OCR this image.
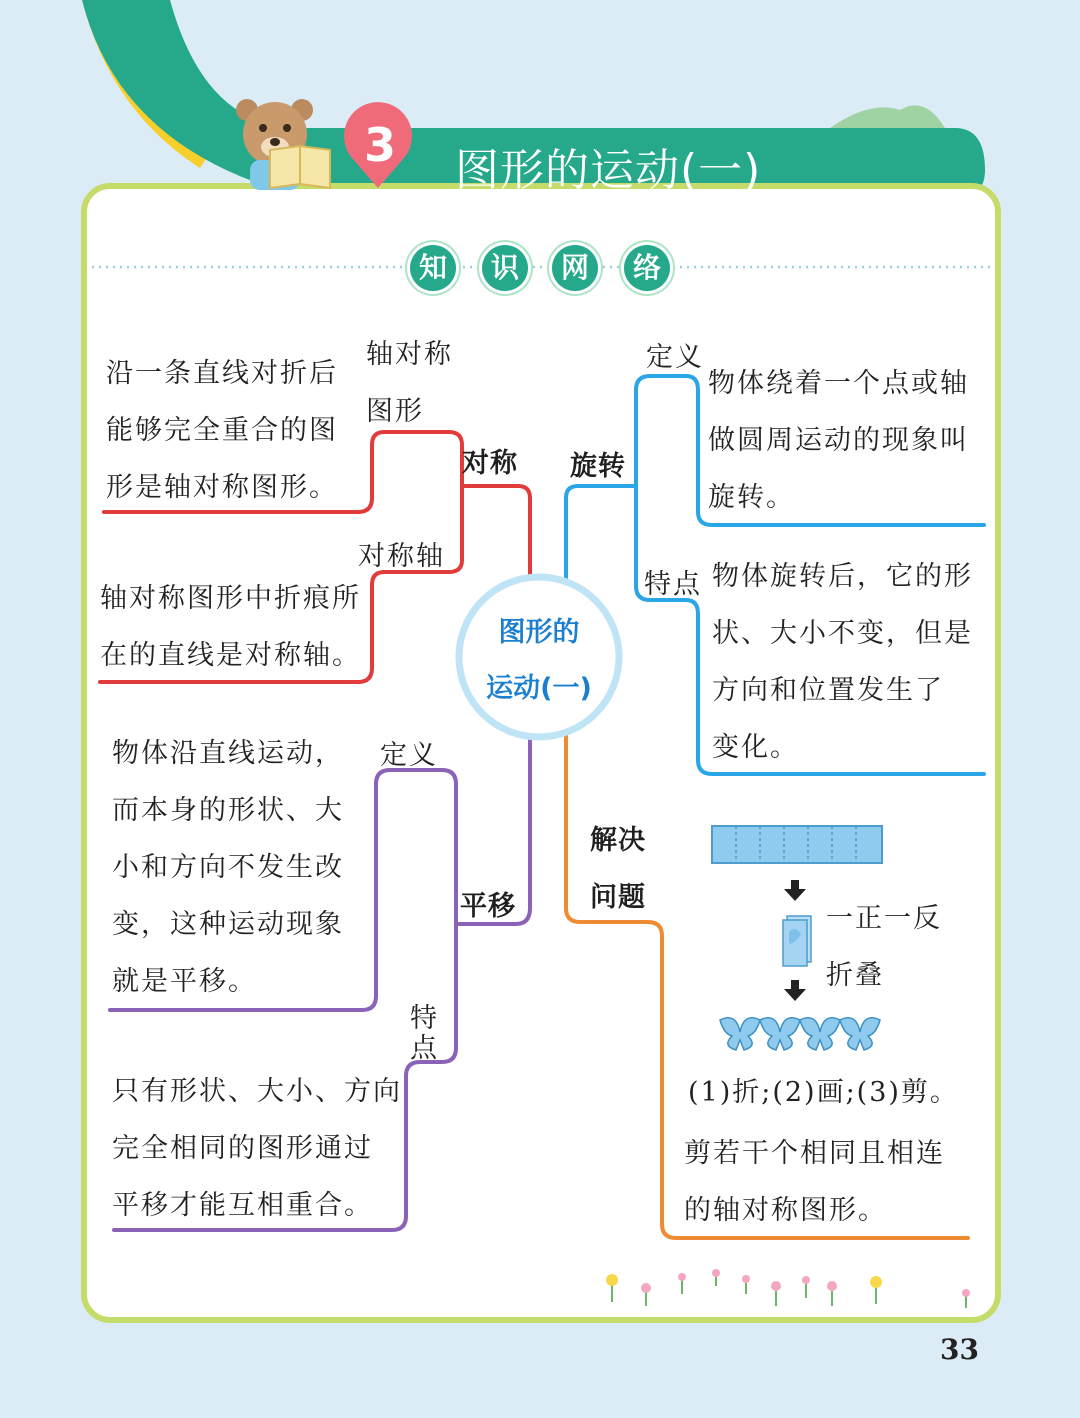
3	图形的运动(一)
知	识	网	络
图形的
运动(一)
对称
轴对称
图形
沿一条直线对折后
能够完全重合的图
形是轴对称图形。
对称轴
轴对称图形中折痕所
在的直线是对称轴。
旋转
定义
物体绕着一个点或轴
做圆周运动的现象叫
旋转。
特点 物体旋转后，它的形
状、大小不变，但是
方向和位置发生了
变化。
平移
定义
物体沿直线运动，
而本身的形状、大
小和方向不发生改
变，这种运动现象
就是平移。
特
点
只有形状、大小、方向
完全相同的图形通过
平移才能互相重合。
解决
问题
一正一反
折叠
(1)折;(2)画;(3)剪。
剪若干个相同且相连
的轴对称图形。
33
